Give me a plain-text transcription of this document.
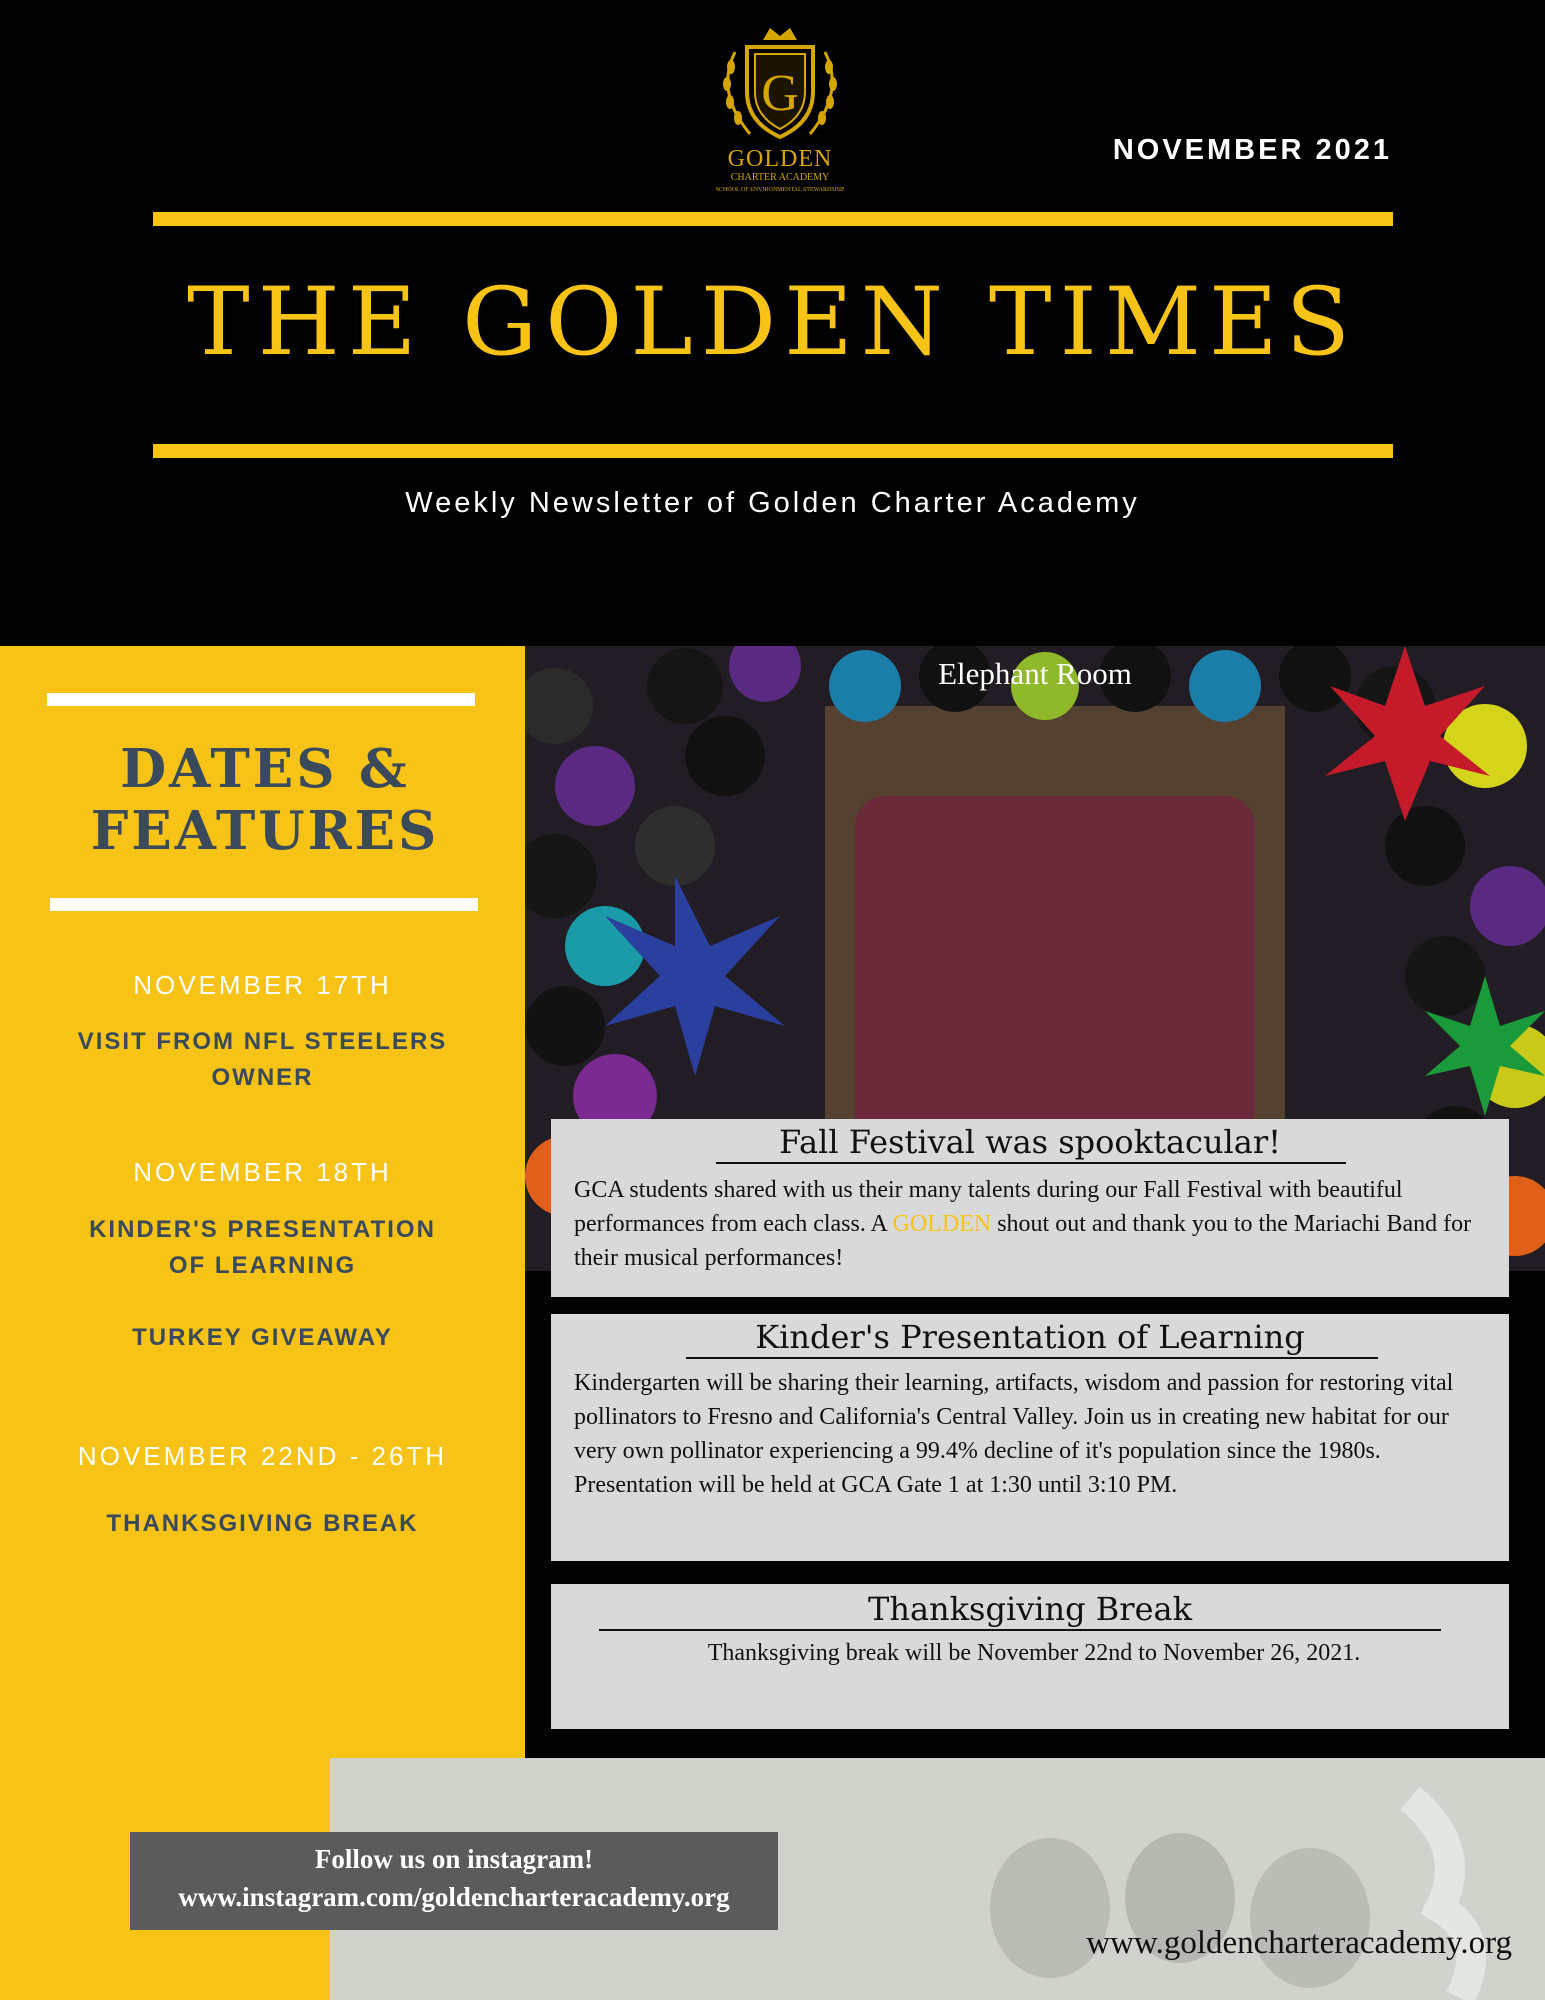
G
GOLDEN
CHARTER ACADEMY
SCHOOL OF ENVIRONMENTAL STEWARDSHIP
NOVEMBER 2021
THE GOLDEN TIMES
Weekly Newsletter of Golden Charter Academy
DATES &
FEATURES
NOVEMBER 17TH
VISIT FROM NFL STEELERS
OWNER
NOVEMBER 18TH
KINDER'S PRESENTATION
OF LEARNING
TURKEY GIVEAWAY
NOVEMBER 22ND - 26TH
THANKSGIVING BREAK
Elephant Room
Fall Festival was spooktacular!
GCA students shared with us their many talents during our Fall Festival with beautiful performances from each class. A GOLDEN shout out and thank you to the Mariachi Band for their musical performances!
Kinder's Presentation of Learning
Kindergarten will be sharing their learning, artifacts, wisdom and passion for restoring vital pollinators to Fresno and California's Central Valley. Join us in creating new habitat for our very own pollinator experiencing a 99.4% decline of it's population since the 1980s. Presentation will be held at GCA Gate 1 at 1:30 until 3:10 PM.
Thanksgiving Break
Thanksgiving break will be November 22nd to November 26, 2021.
Follow us on instagram!
www.instagram.com/goldencharteracademy.org
www.goldencharteracademy.org
